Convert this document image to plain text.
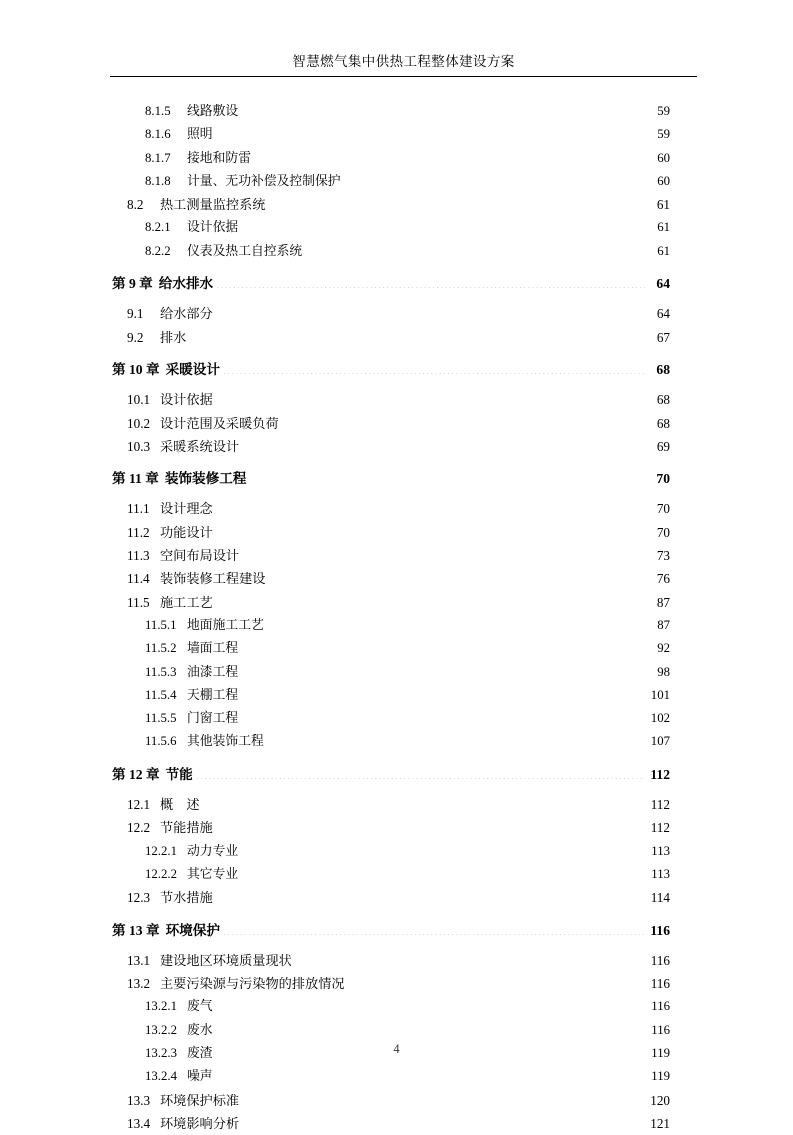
智慧燃气集中供热工程整体建设方案
8.1.5 线路敷设 .....	59
8.1.6 照明 .....	59
8.1.7 接地和防雷 .....	60
8.1.8 计量、无功补偿及控制保护 .....	60
8.2 热工测量监控系统 .....	61
8.2.1 设计依据 .....	61
8.2.2 仪表及热工自控系统 .....	61
第 9 章 给水排水 .....	64
9.1 给水部分 .....	64
9.2 排水 .....	67
第 10 章 采暖设计 .....	68
10.1 设计依据 .....	68
10.2 设计范围及采暖负荷 .....	68
10.3 采暖系统设计 .....	69
第 11 章 装饰装修工程 .....	70
11.1 设计理念 .....	70
11.2 功能设计 .....	70
11.3 空间布局设计 .....	73
11.4 装饰装修工程建设 .....	76
11.5 施工工艺 .....	87
11.5.1 地面施工工艺 .....	87
11.5.2 墙面工程 .....	92
11.5.3 油漆工程 .....	98
11.5.4 天棚工程 .....	101
11.5.5 门窗工程 .....	102
11.5.6 其他装饰工程 .....	107
第 12 章 节能 .....	112
12.1 概　述 .....	112
12.2 节能措施 .....	112
12.2.1 动力专业 .....	113
12.2.2 其它专业 .....	113
12.3 节水措施 .....	114
第 13 章 环境保护 .....	116
13.1 建设地区环境质量现状 .....	116
13.2 主要污染源与污染物的排放情况 .....	116
13.2.1 废气 .....	116
13.2.2 废水 .....	116
13.2.3 废渣 .....	119
13.2.4 噪声 .....	119
13.3 环境保护标准 .....	120
13.4 环境影响分析 .....	121
4
